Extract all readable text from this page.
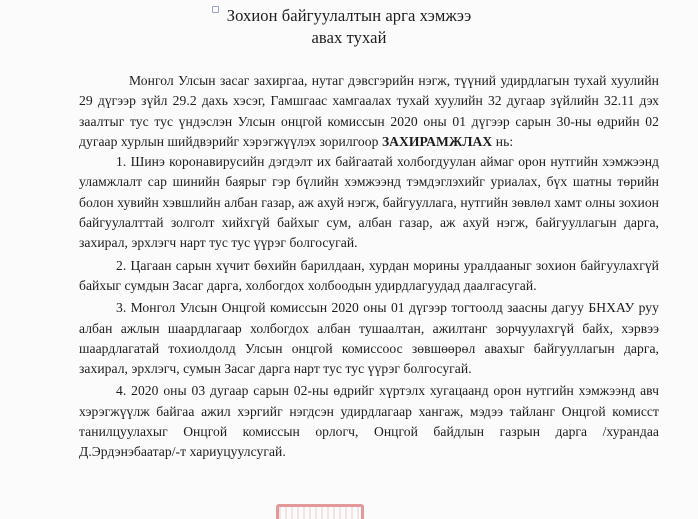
Зохион байгуулалтын арга хэмжээ
авах тухай

Монгол Улсын засаг захиргаа, нутаг дэвсгэрийн нэгж, түүний удирдлагын тухай хуулийн 29 дүгээр зүйл 29.2 дахь хэсэг, Гамшгаас хамгаалах тухай хуулийн 32 дугаар зүйлийн 32.11 дэх заалтыг тус тус үндэслэн Улсын онцгой комиссын 2020 оны 01 дүгээр сарын 30-ны өдрийн 02 дугаар хурлын шийдвэрийг хэрэгжүүлэх зорилгоор ЗАХИРАМЖЛАХ нь:

1. Шинэ коронавирусийн дэгдэлт их байгаатай холбогдуулан аймаг орон нутгийн хэмжээнд уламжлалт сар шинийн баярыг гэр бүлийн хэмжээнд тэмдэглэхийг уриалах, бүх шатны төрийн болон хувийн хэвшлийн албан газар, аж ахуй нэгж, байгууллага, нутгийн зөвлөл хамт олны зохион байгуулалттай золголт хийхгүй байхыг сум, албан газар, аж ахуй нэгж, байгууллагын дарга, захирал, эрхлэгч нарт тус тус үүрэг болгосугай.

2. Цагаан сарын хүчит бөхийн барилдаан, хурдан морины уралдааныг зохион байгуулахгүй байхыг сумдын Засаг дарга, холбогдох холбоодын удирдлагуудад даалгасугай.

3. Монгол Улсын Онцгой комиссын 2020 оны 01 дүгээр тогтоолд заасны дагуу БНХАУ руу албан ажлын шаардлагаар холбогдох албан тушаалтан, ажилтанг зорчуулахгүй байх, хэрвээ шаардлагатай тохиолдолд Улсын онцгой комиссоос зөвшөөрөл авахыг байгууллагын дарга, захирал, эрхлэгч, сумын Засаг дарга нарт тус тус үүрэг болгосугай.

4. 2020 оны 03 дугаар сарын 02-ны өдрийг хүртэлх хугацаанд орон нутгийн хэмжээнд авч хэрэгжүүлж байгаа ажил хэргийг нэгдсэн удирдлагаар хангаж, мэдээ тайланг Онцгой комисст танилцуулахыг Онцгой комиссын орлогч, Онцгой байдлын газрын дарга /хурандаа Д.Эрдэнэбаатар/-т хариуцуулсугай.
